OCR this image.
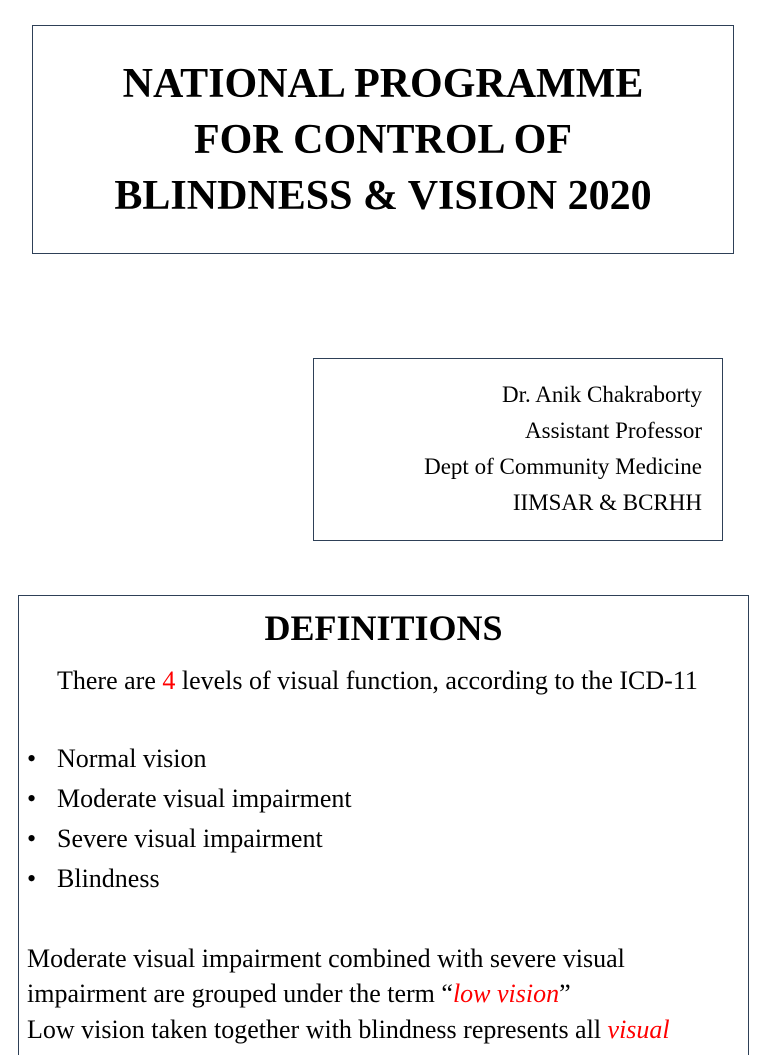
NATIONAL PROGRAMME
FOR CONTROL OF
BLINDNESS & VISION 2020
Dr. Anik Chakraborty
Assistant Professor
Dept of Community Medicine
IIMSAR & BCRHH
DEFINITIONS
There are 4 levels of visual function, according to the ICD-11
• Normal vision
• Moderate visual impairment
• Severe visual impairment
• Blindness
Moderate visual impairment combined with severe visual impairment are grouped under the term “low vision”
Low vision taken together with blindness represents all visual
